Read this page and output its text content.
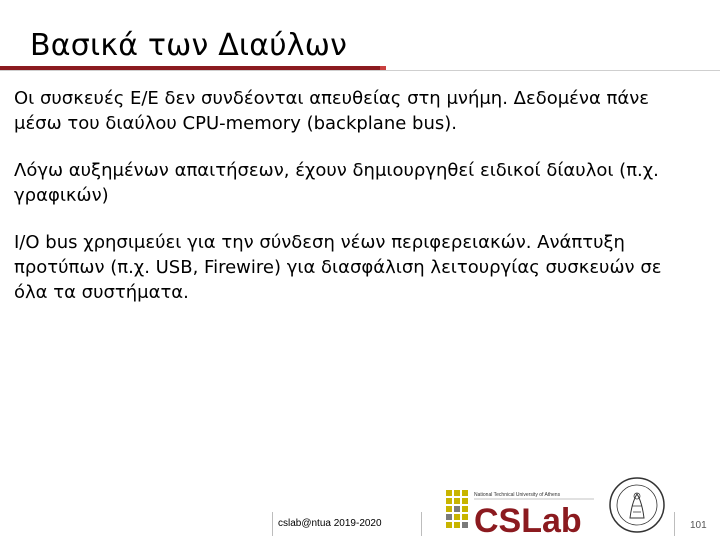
Βασικά των Διαύλων

Οι συσκευές Ε/Ε δεν συνδέονται απευθείας στη μνήμη. Δεδομένα πάνε μέσω του διαύλου CPU-memory (backplane bus).

Λόγω αυξημένων απαιτήσεων, έχουν δημιουργηθεί ειδικοί δίαυλοι (π.χ. γραφικών)

I/O bus χρησιμεύει για την σύνδεση νέων περιφερειακών. Ανάπτυξη προτύπων (π.χ. USB, Firewire) για διασφάλιση λειτουργίας συσκευών σε όλα τα συστήματα.

cslab@ntua 2019-2020
National Technical University of Athens
CSLab	101
